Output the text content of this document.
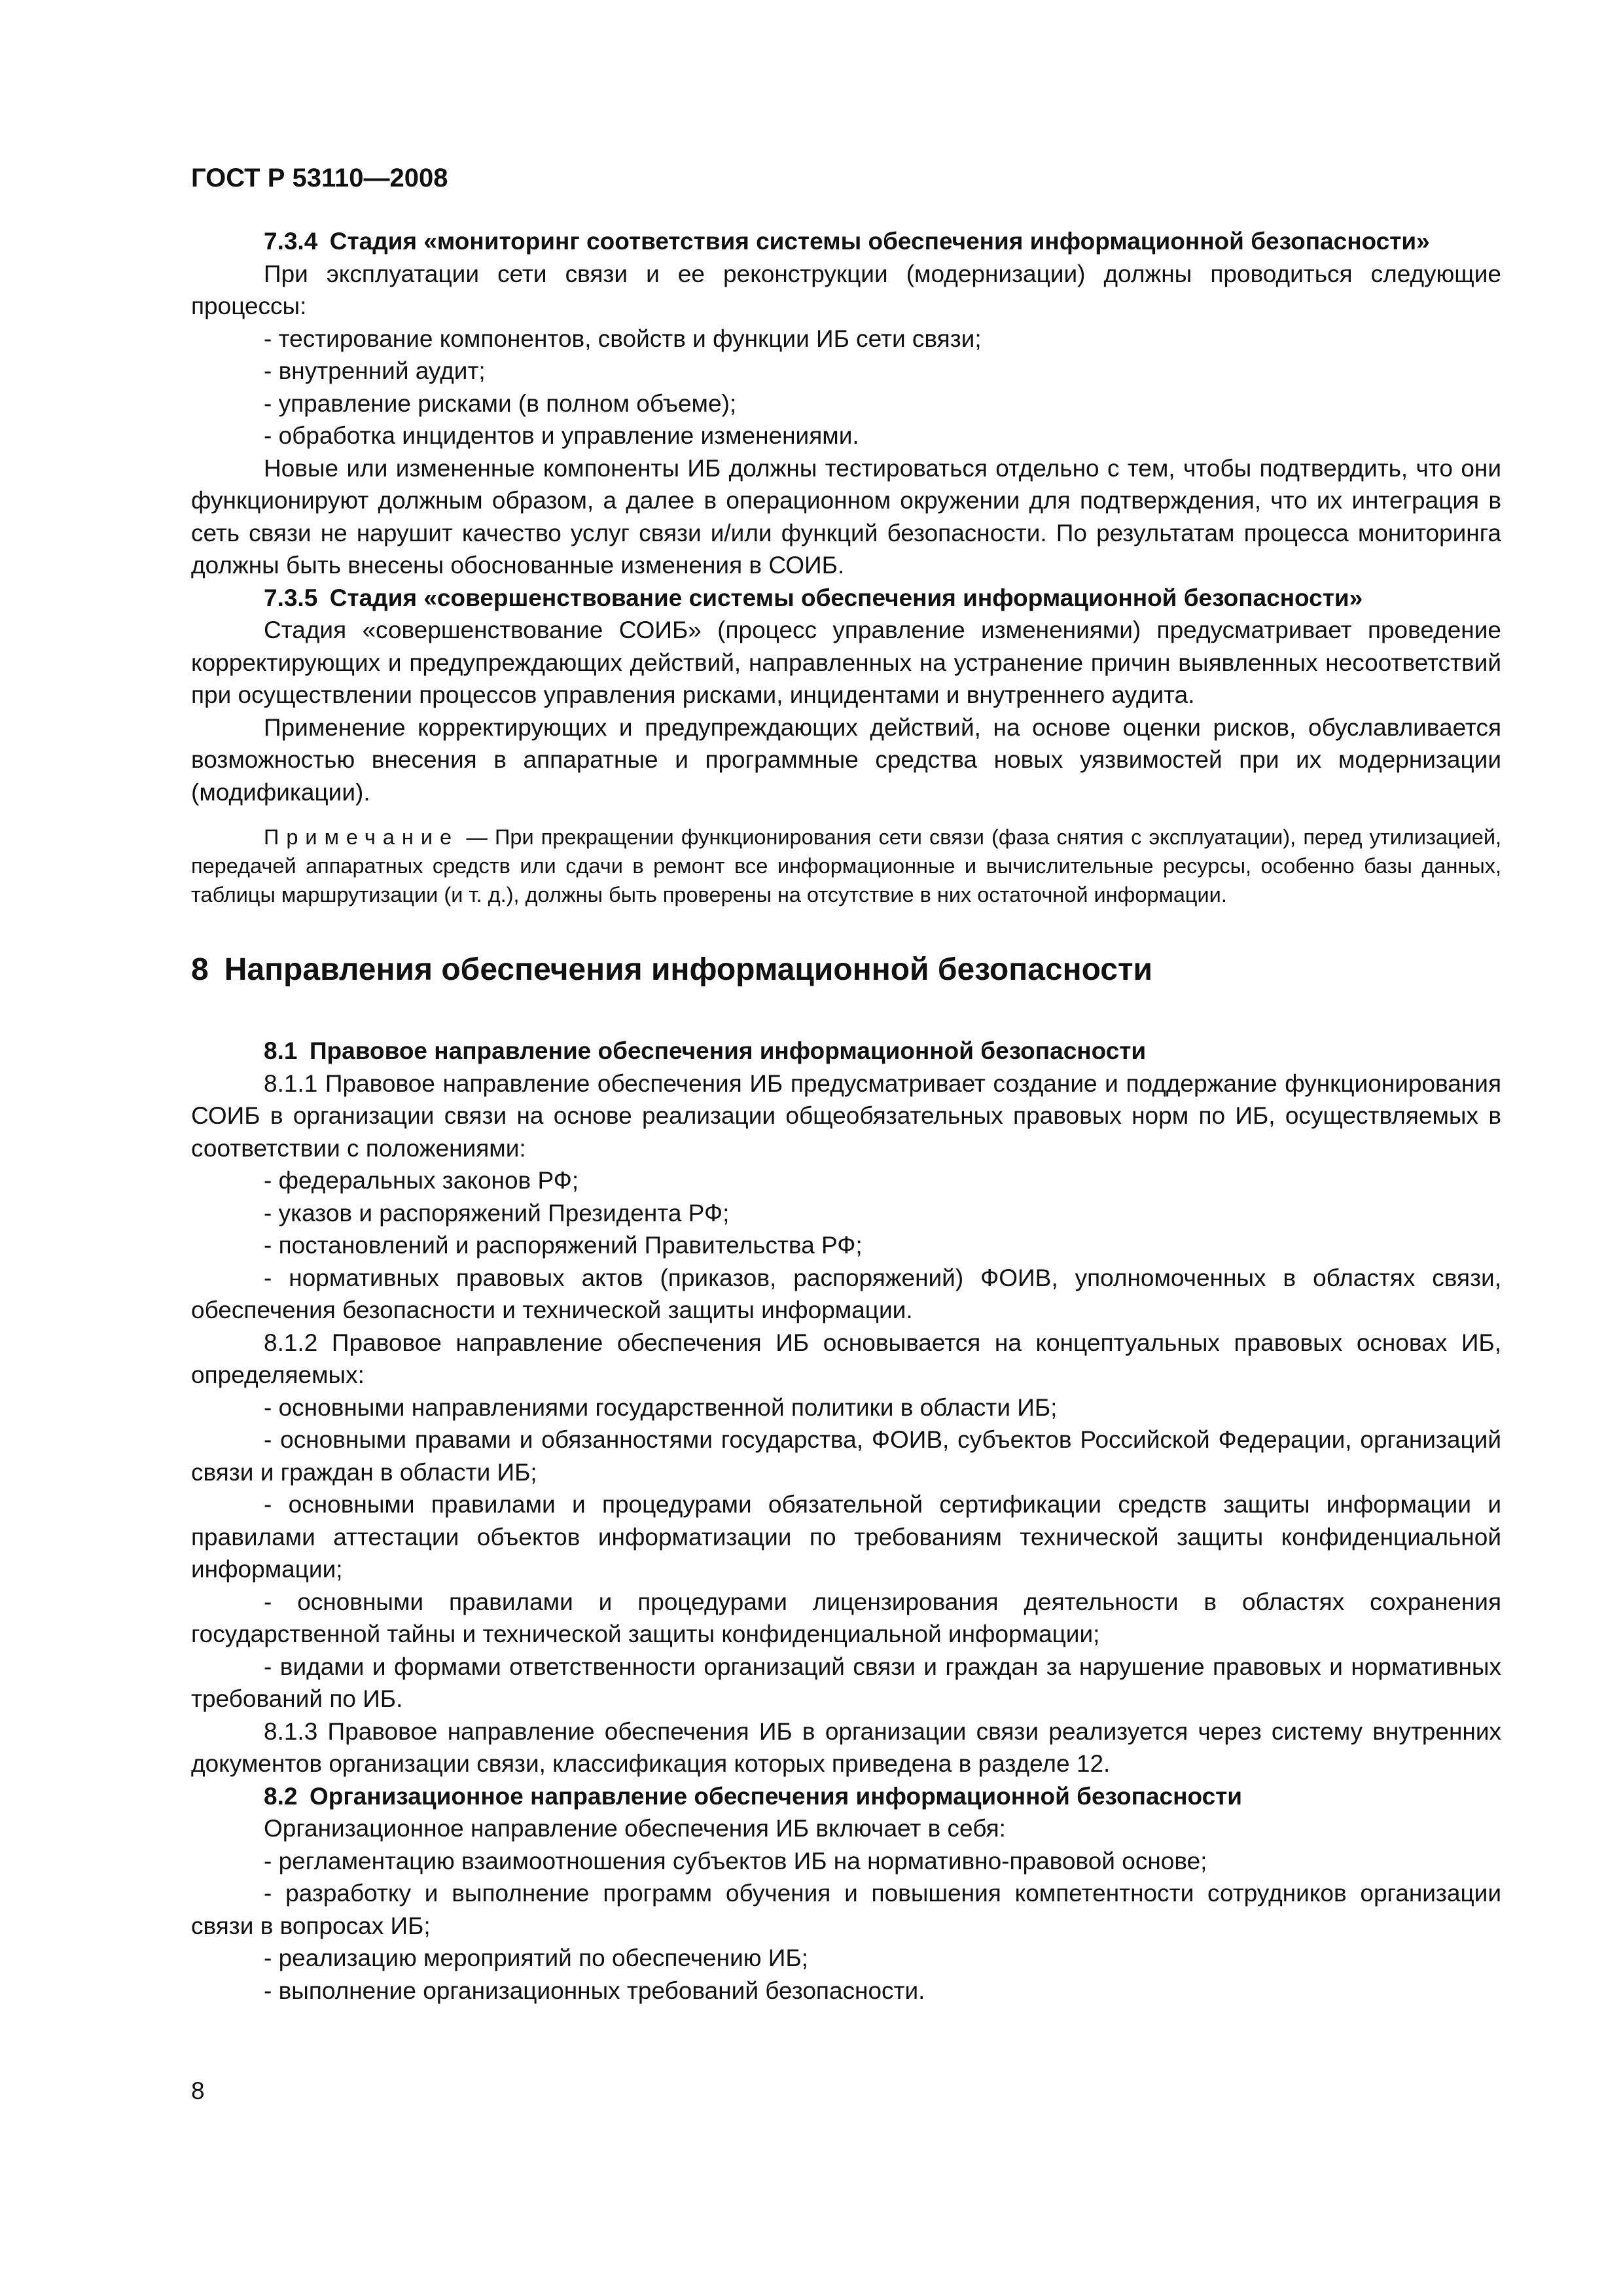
ГОСТ Р 53110—2008

7.3.4  Стадия «мониторинг соответствия системы обеспечения информационной безопасности»

При эксплуатации сети связи и ее реконструкции (модернизации) должны проводиться следующие процессы:

- тестирование компонентов, свойств и функции ИБ сети связи;

- внутренний аудит;

- управление рисками (в полном объеме);

- обработка инцидентов и управление изменениями.

Новые или измененные компоненты ИБ должны тестироваться отдельно с тем, чтобы подтвердить, что они функционируют должным образом, а далее в операционном окружении для подтверждения, что их интеграция в сеть связи не нарушит качество услуг связи и/или функций безопасности. По результатам процесса мониторинга должны быть внесены обоснованные изменения в СОИБ.

7.3.5  Стадия «совершенствование системы обеспечения информационной безопасности»

Стадия «совершенствование СОИБ» (процесс управление изменениями) предусматривает проведение корректирующих и предупреждающих действий, направленных на устранение причин выявленных несоответствий при осуществлении процессов управления рисками, инцидентами и внутреннего аудита.

Применение корректирующих и предупреждающих действий, на основе оценки рисков, обуславливается возможностью внесения в аппаратные и программные средства новых уязвимостей при их модернизации (модификации).

Примечание — При прекращении функционирования сети связи (фаза снятия с эксплуатации), перед утилизацией, передачей аппаратных средств или сдачи в ремонт все информационные и вычислительные ресурсы, особенно базы данных, таблицы маршрутизации (и т. д.), должны быть проверены на отсутствие в них остаточной информации.

8  Направления обеспечения информационной безопасности

8.1  Правовое направление обеспечения информационной безопасности

8.1.1 Правовое направление обеспечения ИБ предусматривает создание и поддержание функционирования СОИБ в организации связи на основе реализации общеобязательных правовых норм по ИБ, осуществляемых в соответствии с положениями:

- федеральных законов РФ;

- указов и распоряжений Президента РФ;

- постановлений и распоряжений Правительства РФ;

- нормативных правовых актов (приказов, распоряжений) ФОИВ, уполномоченных в областях связи, обеспечения безопасности и технической защиты информации.

8.1.2 Правовое направление обеспечения ИБ основывается на концептуальных правовых основах ИБ, определяемых:

- основными направлениями государственной политики в области ИБ;

- основными правами и обязанностями государства, ФОИВ, субъектов Российской Федерации, организаций связи и граждан в области ИБ;

- основными правилами и процедурами обязательной сертификации средств защиты информации и правилами аттестации объектов информатизации по требованиям технической защиты конфиденциальной информации;

- основными правилами и процедурами лицензирования деятельности в областях сохранения государственной тайны и технической защиты конфиденциальной информации;

- видами и формами ответственности организаций связи и граждан за нарушение правовых и нормативных требований по ИБ.

8.1.3 Правовое направление обеспечения ИБ в организации связи реализуется через систему внутренних документов организации связи, классификация которых приведена в разделе 12.

8.2  Организационное направление обеспечения информационной безопасности

Организационное направление обеспечения ИБ включает в себя:

- регламентацию взаимоотношения субъектов ИБ на нормативно-правовой основе;

- разработку и выполнение программ обучения и повышения компетентности сотрудников организации связи в вопросах ИБ;

- реализацию мероприятий по обеспечению ИБ;

- выполнение организационных требований безопасности.

8
